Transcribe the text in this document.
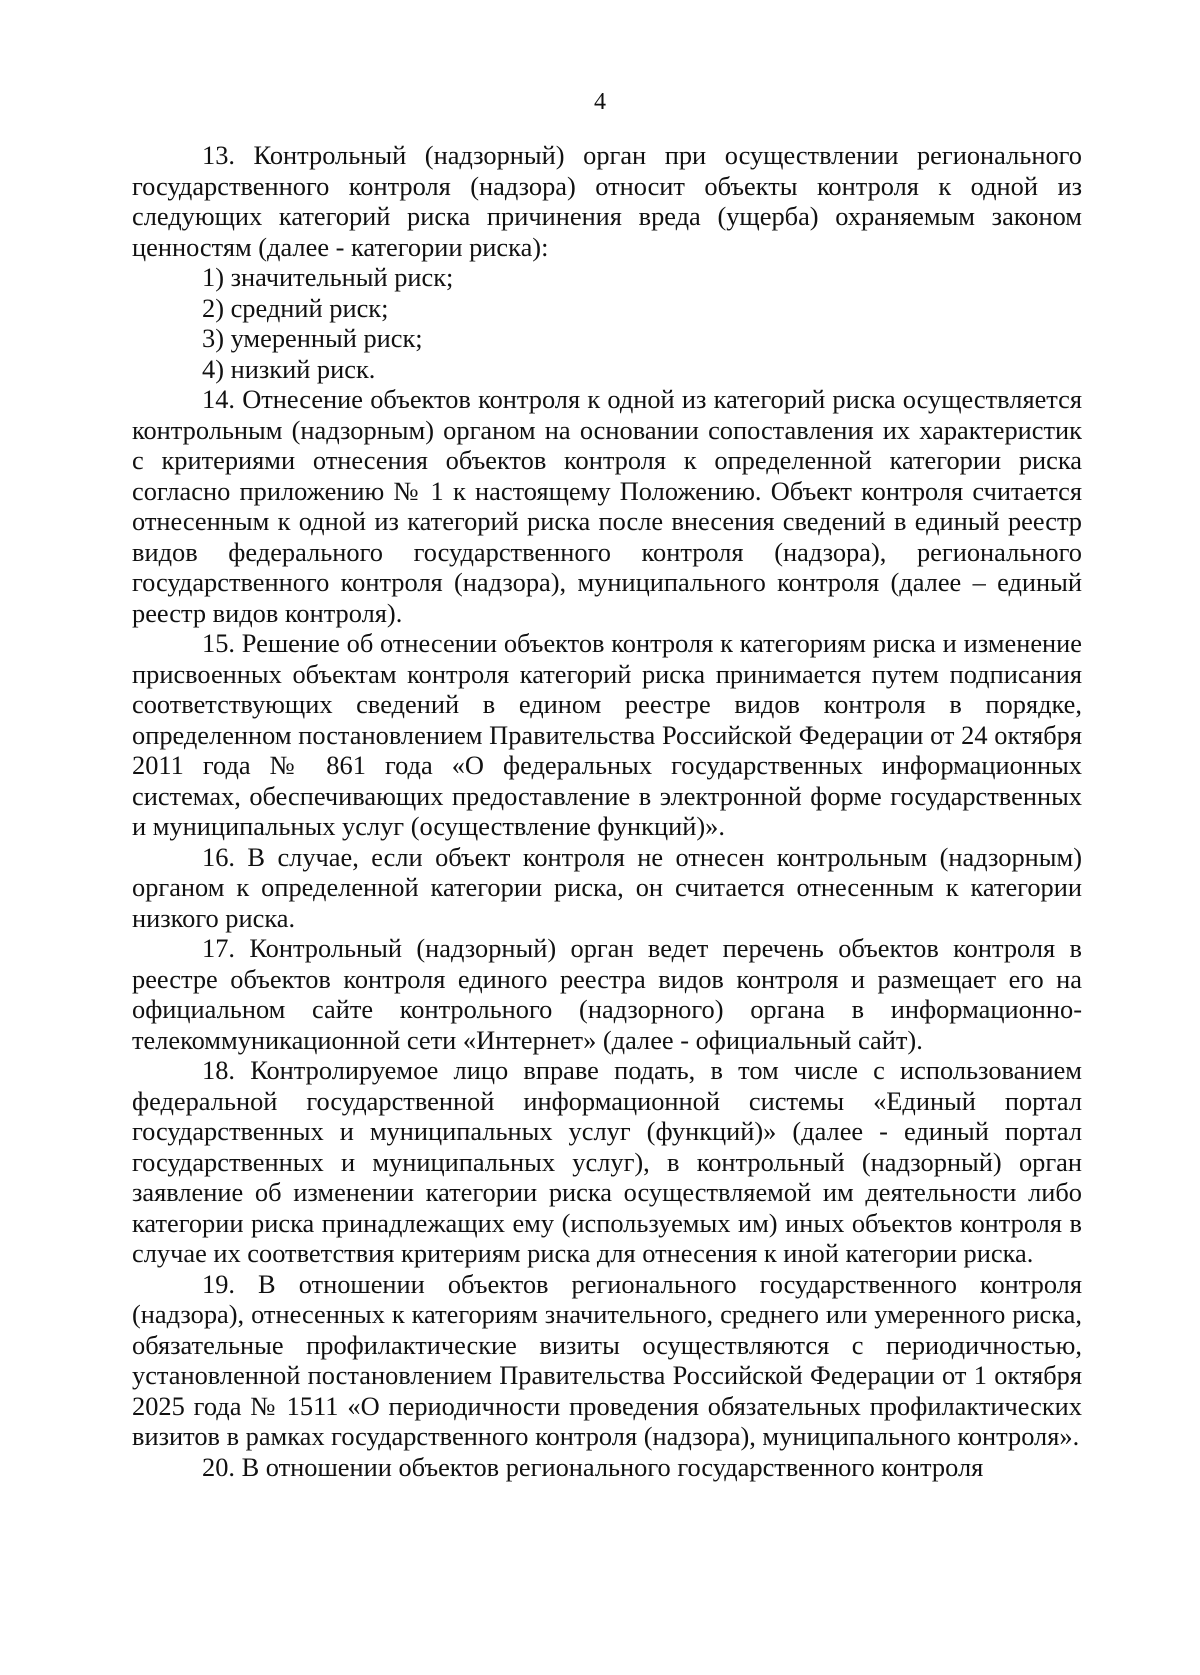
4

13. Контрольный (надзорный) орган при осуществлении регионального государственного контроля (надзора) относит объекты контроля к одной из следующих категорий риска причинения вреда (ущерба) охраняемым законом ценностям (далее - категории риска):

1) значительный риск;

2) средний риск;

3) умеренный риск;

4) низкий риск.

14. Отнесение объектов контроля к одной из категорий риска осуществляется контрольным (надзорным) органом на основании сопоставления их характеристик с критериями отнесения объектов контроля к определенной категории риска согласно приложению № 1 к настоящему Положению. Объект контроля считается отнесенным к одной из категорий риска после внесения сведений в единый реестр видов федерального государственного контроля (надзора), регионального государственного контроля (надзора), муниципального контроля (далее – единый реестр видов контроля).

15. Решение об отнесении объектов контроля к категориям риска и изменение присвоенных объектам контроля категорий риска принимается путем подписания соответствующих сведений в едином реестре видов контроля в порядке, определенном постановлением Правительства Российской Федерации от 24 октября 2011 года № 861 года «О федеральных государственных информационных системах, обеспечивающих предоставление в электронной форме государственных и муниципальных услуг (осуществление функций)».

16. В случае, если объект контроля не отнесен контрольным (надзорным) органом к определенной категории риска, он считается отнесенным к категории низкого риска.

17. Контрольный (надзорный) орган ведет перечень объектов контроля в реестре объектов контроля единого реестра видов контроля и размещает его на официальном сайте контрольного (надзорного) органа в информационно-телекоммуникационной сети «Интернет» (далее - официальный сайт).

18. Контролируемое лицо вправе подать, в том числе с использованием федеральной государственной информационной системы «Единый портал государственных и муниципальных услуг (функций)» (далее - единый портал государственных и муниципальных услуг), в контрольный (надзорный) орган заявление об изменении категории риска осуществляемой им деятельности либо категории риска принадлежащих ему (используемых им) иных объектов контроля в случае их соответствия критериям риска для отнесения к иной категории риска.

19. В отношении объектов регионального государственного контроля (надзора), отнесенных к категориям значительного, среднего или умеренного риска, обязательные профилактические визиты осуществляются с периодичностью, установленной постановлением Правительства Российской Федерации от 1 октября 2025 года № 1511 «О периодичности проведения обязательных профилактических визитов в рамках государственного контроля (надзора), муниципального контроля».

20. В отношении объектов регионального государственного контроля
